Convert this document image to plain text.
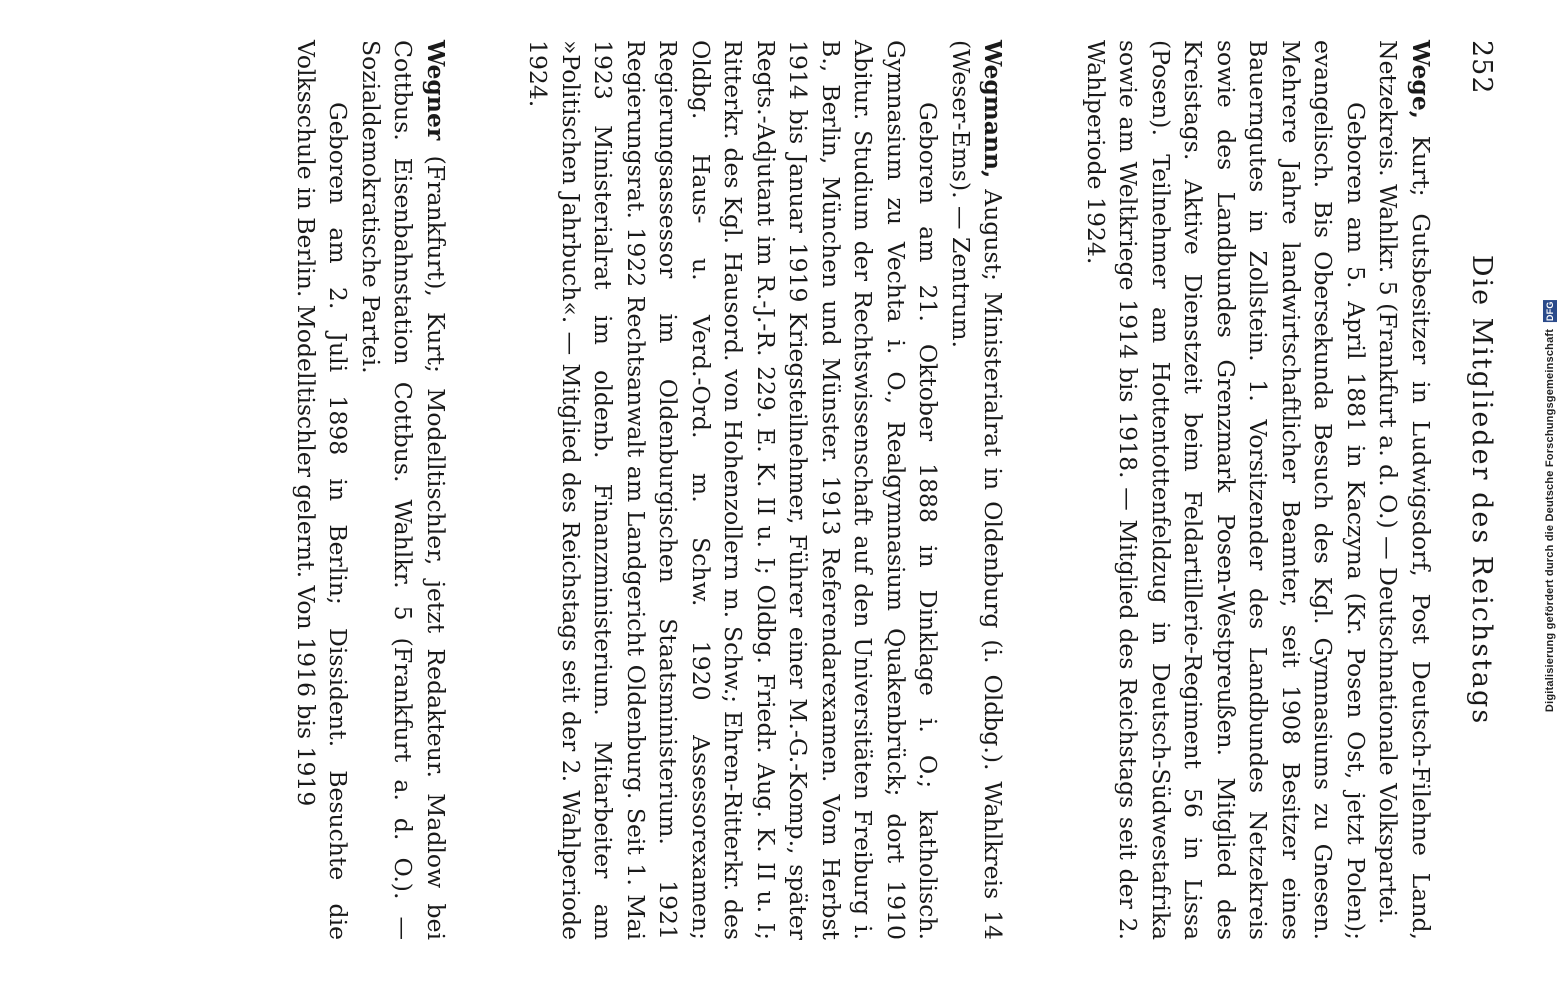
252
Die Mitglieder des Reichstags

Wege, Kurt; Gutsbesitzer in Ludwigsdorf, Post Deutsch-Filehne Land, Netzekreis. Wahlkr. 5 (Frankfurt a. d. O.) — Deutschnationale Volkspartei.

Geboren am 5. April 1881 in Kaczyna (Kr. Posen Ost, jetzt Polen); evangelisch. Bis Obersekunda Besuch des Kgl. Gymnasiums zu Gnesen. Mehrere Jahre landwirtschaftlicher Beamter, seit 1908 Besitzer eines Bauerngutes in Zollstein. 1. Vorsitzender des Landbundes Netzekreis sowie des Landbundes Grenzmark Posen-Westpreußen. Mitglied des Kreistags. Aktive Dienstzeit beim Feldartillerie-Regiment 56 in Lissa (Posen). Teilnehmer am Hottentottenfeldzug in Deutsch-Südwestafrika sowie am Weltkriege 1914 bis 1918. — Mitglied des Reichstags seit der 2. Wahlperiode 1924.

Wegmann, August; Ministerialrat in Oldenburg (i. Oldbg.). Wahlkreis 14 (Weser-Ems). — Zentrum.

Geboren am 21. Oktober 1888 in Dinklage i. O.; katholisch. Gymnasium zu Vechta i. O., Realgymnasium Quakenbrück; dort 1910 Abitur. Studium der Rechtswissenschaft auf den Universitäten Freiburg i. B., Berlin, München und Münster. 1913 Referendarexamen. Vom Herbst 1914 bis Januar 1919 Kriegsteilnehmer, Führer einer M.-G.-Komp., später Regts.-Adjutant im R.-J.-R. 229. E. K. II u. I; Oldbg. Friedr. Aug. K. II u. I; Ritterkr. des Kgl. Hausord. von Hohenzollern m. Schw.; Ehren-Ritterkr. des Oldbg. Haus- u. Verd.-Ord. m. Schw. 1920 Assessorexamen; Regierungsassessor im Oldenburgischen Staatsministerium. 1921 Regierungsrat. 1922 Rechtsanwalt am Landgericht Oldenburg. Seit 1. Mai 1923 Ministerialrat im oldenb. Finanzministerium. Mitarbeiter am »Politischen Jahrbuch«. — Mitglied des Reichstags seit der 2. Wahlperiode 1924.

Wegner (Frankfurt), Kurt; Modelltischler, jetzt Redakteur. Madlow bei Cottbus. Eisenbahnstation Cottbus. Wahlkr. 5 (Frankfurt a. d. O.). — Sozialdemokratische Partei.

Geboren am 2. Juli 1898 in Berlin; Dissident. Besuchte die Volksschule in Berlin. Modelltischler gelernt. Von 1916 bis 1919	Digitalisierung gefördert durch die Deutsche Forschungsgemeinschaft DFG
